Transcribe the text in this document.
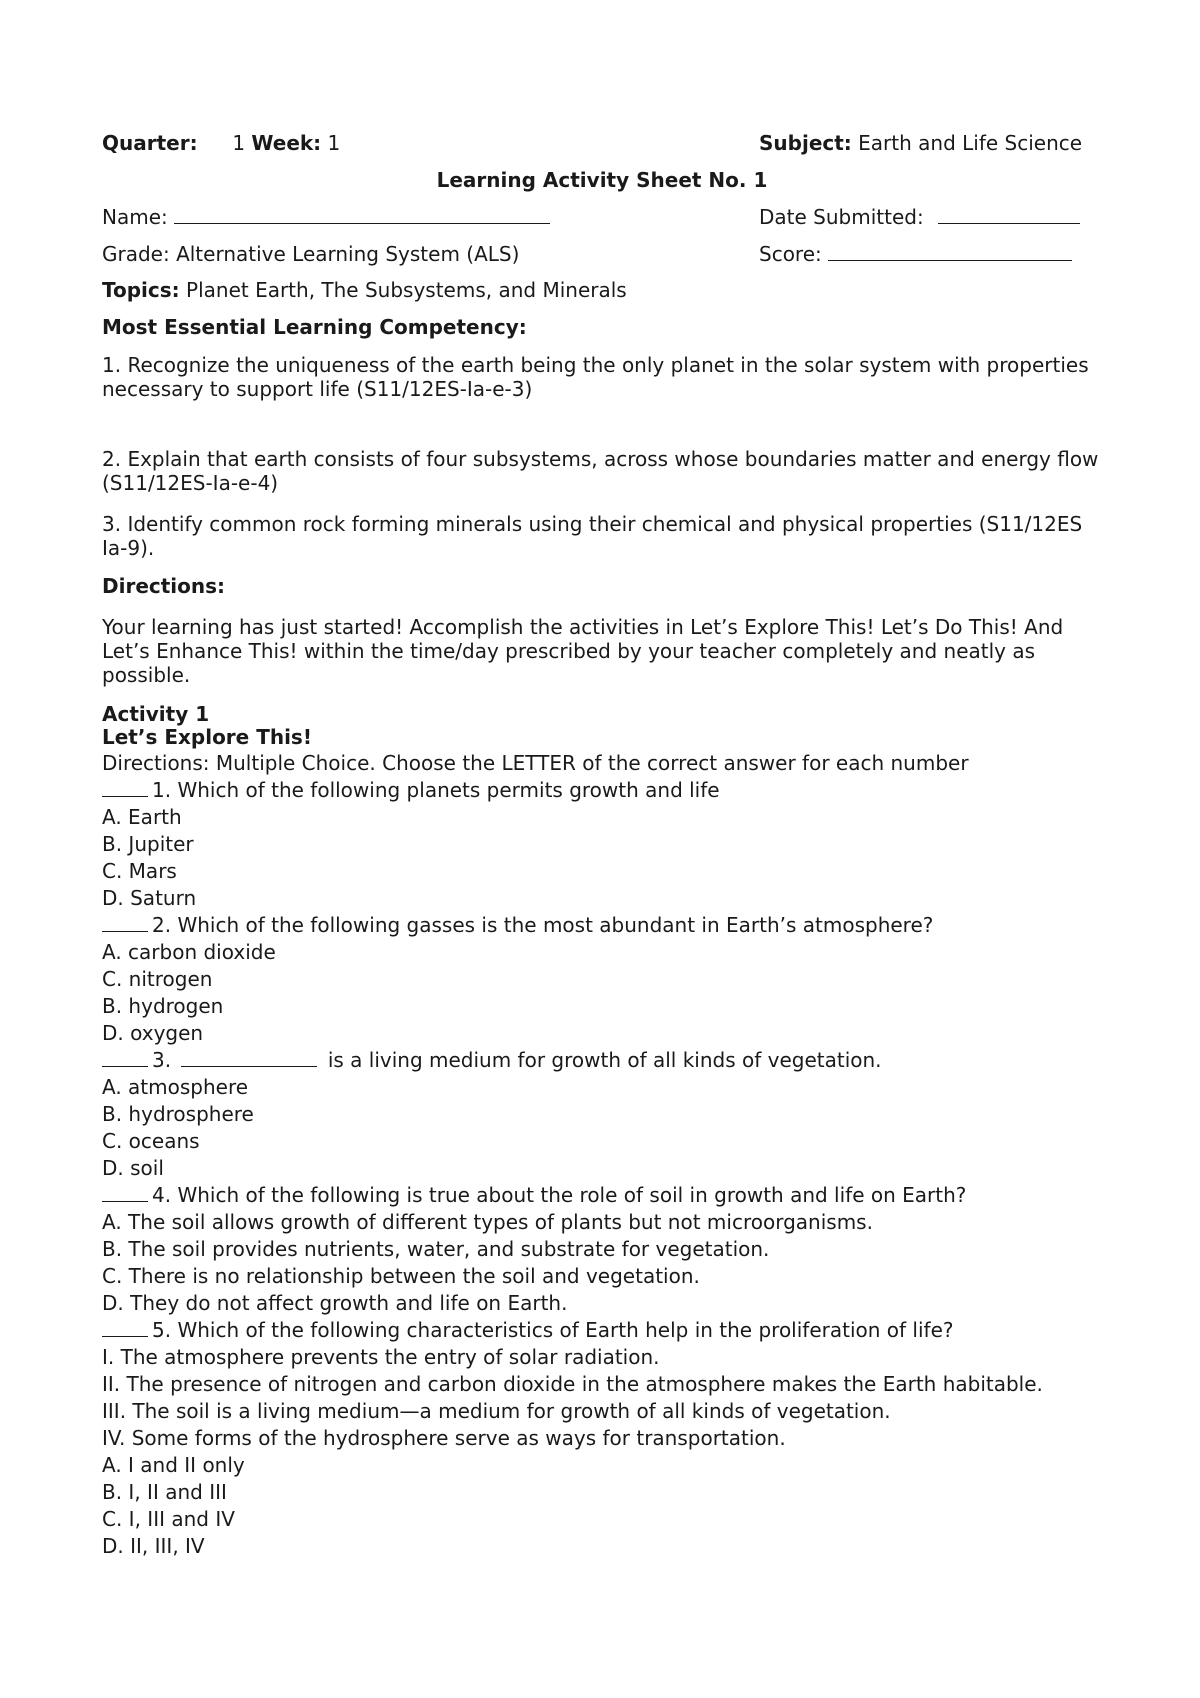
Quarter: 1 Week: 1	Subject: Earth and Life Science
Learning Activity Sheet No. 1
Name:	Date Submitted:
Grade: Alternative Learning System (ALS)	Score:
Topics: Planet Earth, The Subsystems, and Minerals
Most Essential Learning Competency:
1. Recognize the uniqueness of the earth being the only planet in the solar system with properties necessary to support life (S11/12ES-Ia-e-3)
2. Explain that earth consists of four subsystems, across whose boundaries matter and energy flow (S11/12ES-Ia-e-4)
3. Identify common rock forming minerals using their chemical and physical properties (S11/12ES Ia-9).
Directions:
Your learning has just started! Accomplish the activities in Let’s Explore This! Let’s Do This! And Let’s Enhance This! within the time/day prescribed by your teacher completely and neatly as possible.
Activity 1
Let’s Explore This!
Directions: Multiple Choice. Choose the LETTER of the correct answer for each number
1. Which of the following planets permits growth and life
A. Earth
B. Jupiter
C. Mars
D. Saturn
2. Which of the following gasses is the most abundant in Earth’s atmosphere?
A. carbon dioxide
C. nitrogen
B. hydrogen
D. oxygen
3.	is a living medium for growth of all kinds of vegetation.
A. atmosphere
B. hydrosphere
C. oceans
D. soil
4. Which of the following is true about the role of soil in growth and life on Earth?
A. The soil allows growth of different types of plants but not microorganisms.
B. The soil provides nutrients, water, and substrate for vegetation.
C. There is no relationship between the soil and vegetation.
D. They do not affect growth and life on Earth.
5. Which of the following characteristics of Earth help in the proliferation of life?
I. The atmosphere prevents the entry of solar radiation.
II. The presence of nitrogen and carbon dioxide in the atmosphere makes the Earth habitable.
III. The soil is a living medium—a medium for growth of all kinds of vegetation.
IV. Some forms of the hydrosphere serve as ways for transportation.
A. I and II only
B. I, II and III
C. I, III and IV
D. II, III, IV
